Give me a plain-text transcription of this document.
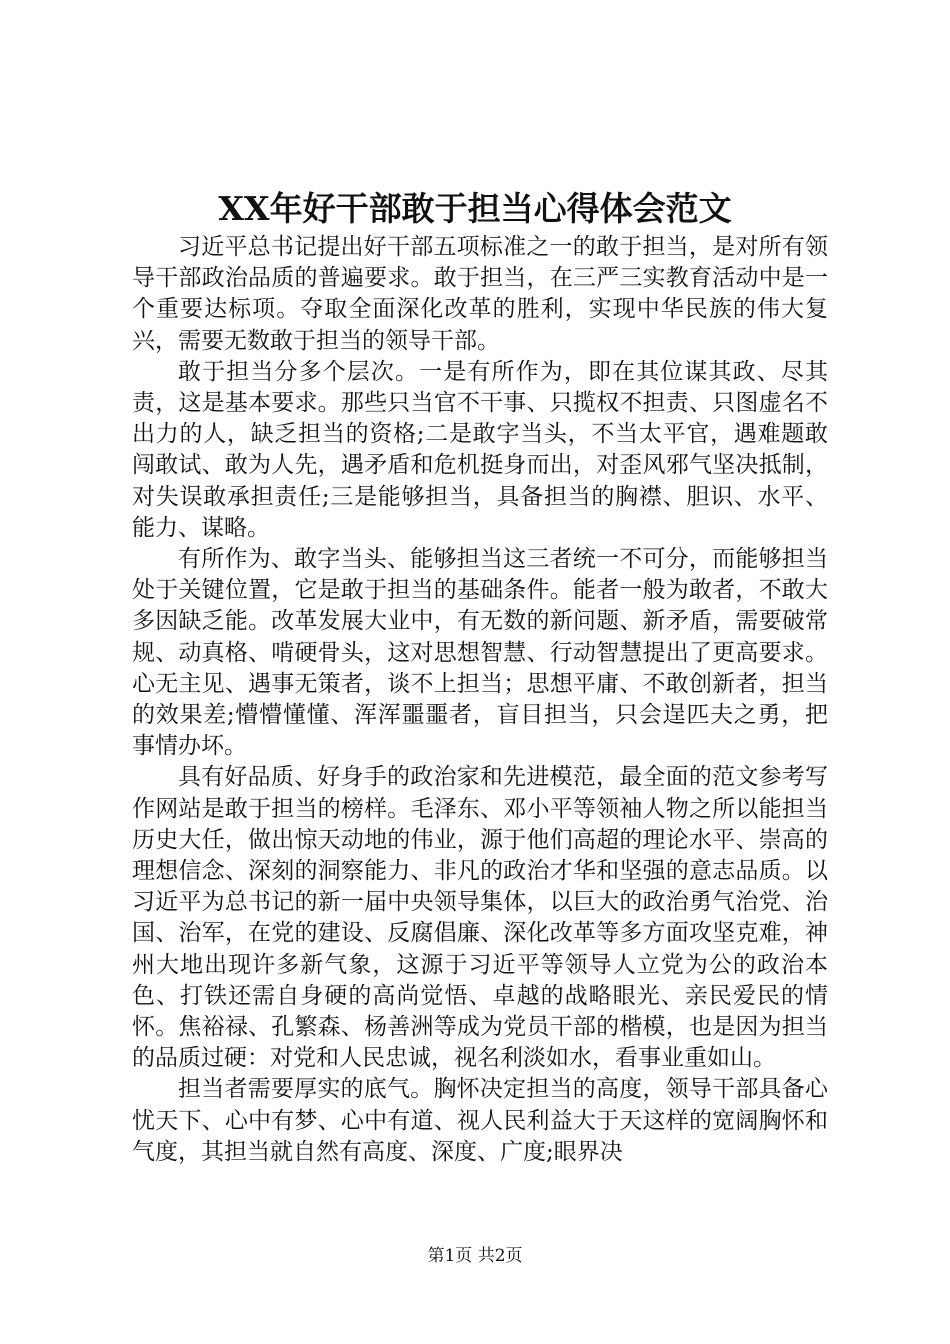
XX年好干部敢于担当心得体会范文

习近平总书记提出好干部五项标准之一的敢于担当，是对所有领导干部政治品质的普遍要求。敢于担当，在三严三实教育活动中是一个重要达标项。夺取全面深化改革的胜利，实现中华民族的伟大复兴，需要无数敢于担当的领导干部。

敢于担当分多个层次。一是有所作为，即在其位谋其政、尽其责，这是基本要求。那些只当官不干事、只揽权不担责、只图虚名不出力的人，缺乏担当的资格;二是敢字当头，不当太平官，遇难题敢闯敢试、敢为人先，遇矛盾和危机挺身而出，对歪风邪气坚决抵制，对失误敢承担责任;三是能够担当，具备担当的胸襟、胆识、水平、能力、谋略。

有所作为、敢字当头、能够担当这三者统一不可分，而能够担当处于关键位置，它是敢于担当的基础条件。能者一般为敢者，不敢大多因缺乏能。改革发展大业中，有无数的新问题、新矛盾，需要破常规、动真格、啃硬骨头，这对思想智慧、行动智慧提出了更高要求。心无主见、遇事无策者，谈不上担当；思想平庸、不敢创新者，担当的效果差;懵懵懂懂、浑浑噩噩者，盲目担当，只会逞匹夫之勇，把事情办坏。

具有好品质、好身手的政治家和先进模范，最全面的范文参考写作网站是敢于担当的榜样。毛泽东、邓小平等领袖人物之所以能担当历史大任，做出惊天动地的伟业，源于他们高超的理论水平、崇高的理想信念、深刻的洞察能力、非凡的政治才华和坚强的意志品质。以习近平为总书记的新一届中央领导集体，以巨大的政治勇气治党、治国、治军，在党的建设、反腐倡廉、深化改革等多方面攻坚克难，神州大地出现许多新气象，这源于习近平等领导人立党为公的政治本色、打铁还需自身硬的高尚觉悟、卓越的战略眼光、亲民爱民的情怀。焦裕禄、孔繁森、杨善洲等成为党员干部的楷模，也是因为担当的品质过硬：对党和人民忠诚，视名利淡如水，看事业重如山。

担当者需要厚实的底气。胸怀决定担当的高度，领导干部具备心忧天下、心中有梦、心中有道、视人民利益大于天这样的宽阔胸怀和气度，其担当就自然有高度、深度、广度;眼界决

第1页 共2页
